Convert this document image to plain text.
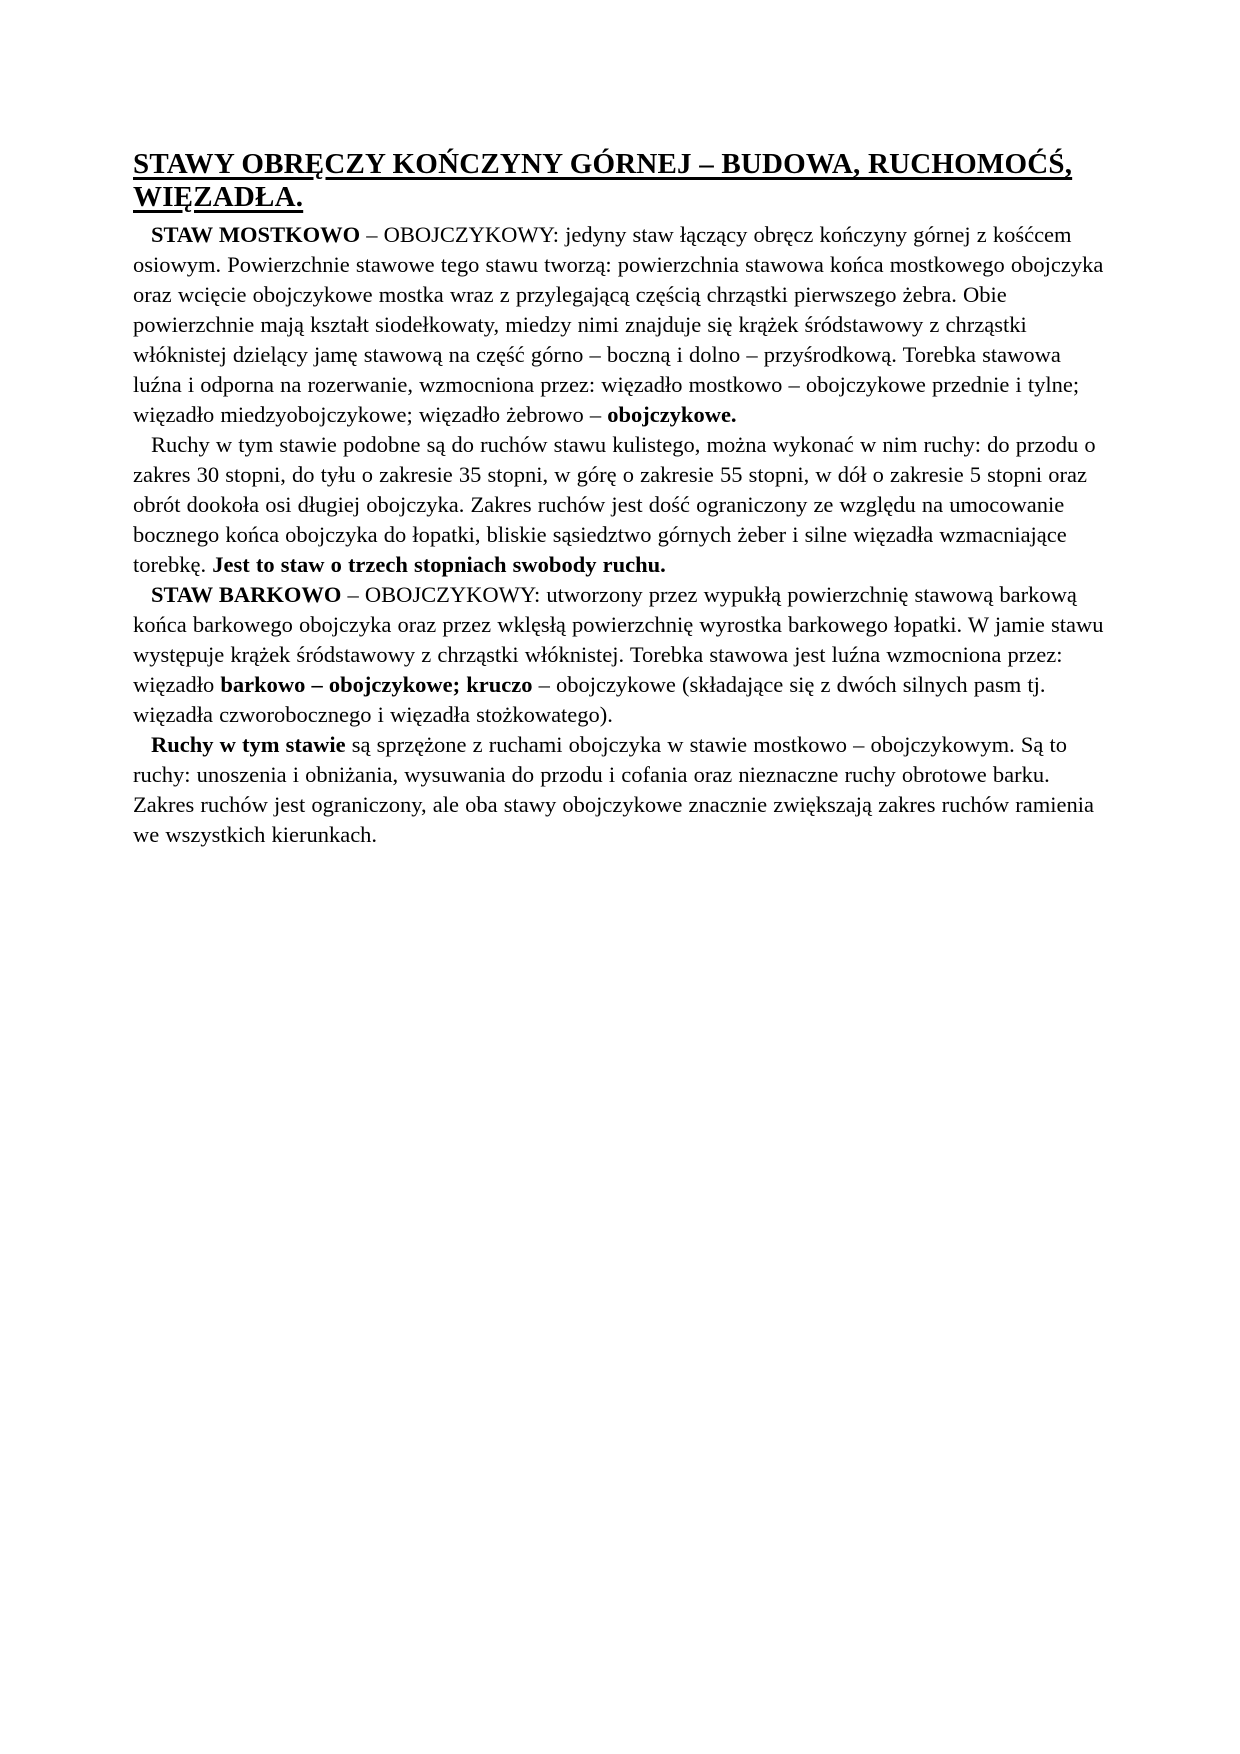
STAWY OBRĘCZY KOŃCZYNY GÓRNEJ – BUDOWA, RUCHOMOĆŚ,
WIĘZADŁA.

STAW MOSTKOWO – OBOJCZYKOWY: jedyny staw łączący obręcz kończyny górnej z kośćcem osiowym. Powierzchnie stawowe tego stawu tworzą: powierzchnia stawowa końca mostkowego obojczyka oraz wcięcie obojczykowe mostka wraz z przylegającą częścią chrząstki pierwszego żebra. Obie powierzchnie mają kształt siodełkowaty, miedzy nimi znajduje się krążek śródstawowy z chrząstki włóknistej dzielący jamę stawową na część górno – boczną i dolno – przyśrodkową. Torebka stawowa luźna i odporna na rozerwanie, wzmocniona przez: więzadło mostkowo – obojczykowe przednie i tylne; więzadło miedzyobojczykowe; więzadło żebrowo – obojczykowe.

Ruchy w tym stawie podobne są do ruchów stawu kulistego, można wykonać w nim ruchy: do przodu o zakres 30 stopni, do tyłu o zakresie 35 stopni, w górę o zakresie 55 stopni, w dół o zakresie 5 stopni oraz obrót dookoła osi długiej obojczyka. Zakres ruchów jest dość ograniczony ze względu na umocowanie bocznego końca obojczyka do łopatki, bliskie sąsiedztwo górnych żeber i silne więzadła wzmacniające torebkę. Jest to staw o trzech stopniach swobody ruchu.

STAW BARKOWO – OBOJCZYKOWY: utworzony przez wypukłą powierzchnię stawową barkową końca barkowego obojczyka oraz przez wklęsłą powierzchnię wyrostka barkowego łopatki. W jamie stawu występuje krążek śródstawowy z chrząstki włóknistej. Torebka stawowa jest luźna wzmocniona przez: więzadło barkowo – obojczykowe; kruczo – obojczykowe (składające się z dwóch silnych pasm tj. więzadła czworobocznego i więzadła stożkowatego).

Ruchy w tym stawie są sprzężone z ruchami obojczyka w stawie mostkowo – obojczykowym. Są to ruchy: unoszenia i obniżania, wysuwania do przodu i cofania oraz nieznaczne ruchy obrotowe barku. Zakres ruchów jest ograniczony, ale oba stawy obojczykowe znacznie zwiększają zakres ruchów ramienia we wszystkich kierunkach.
